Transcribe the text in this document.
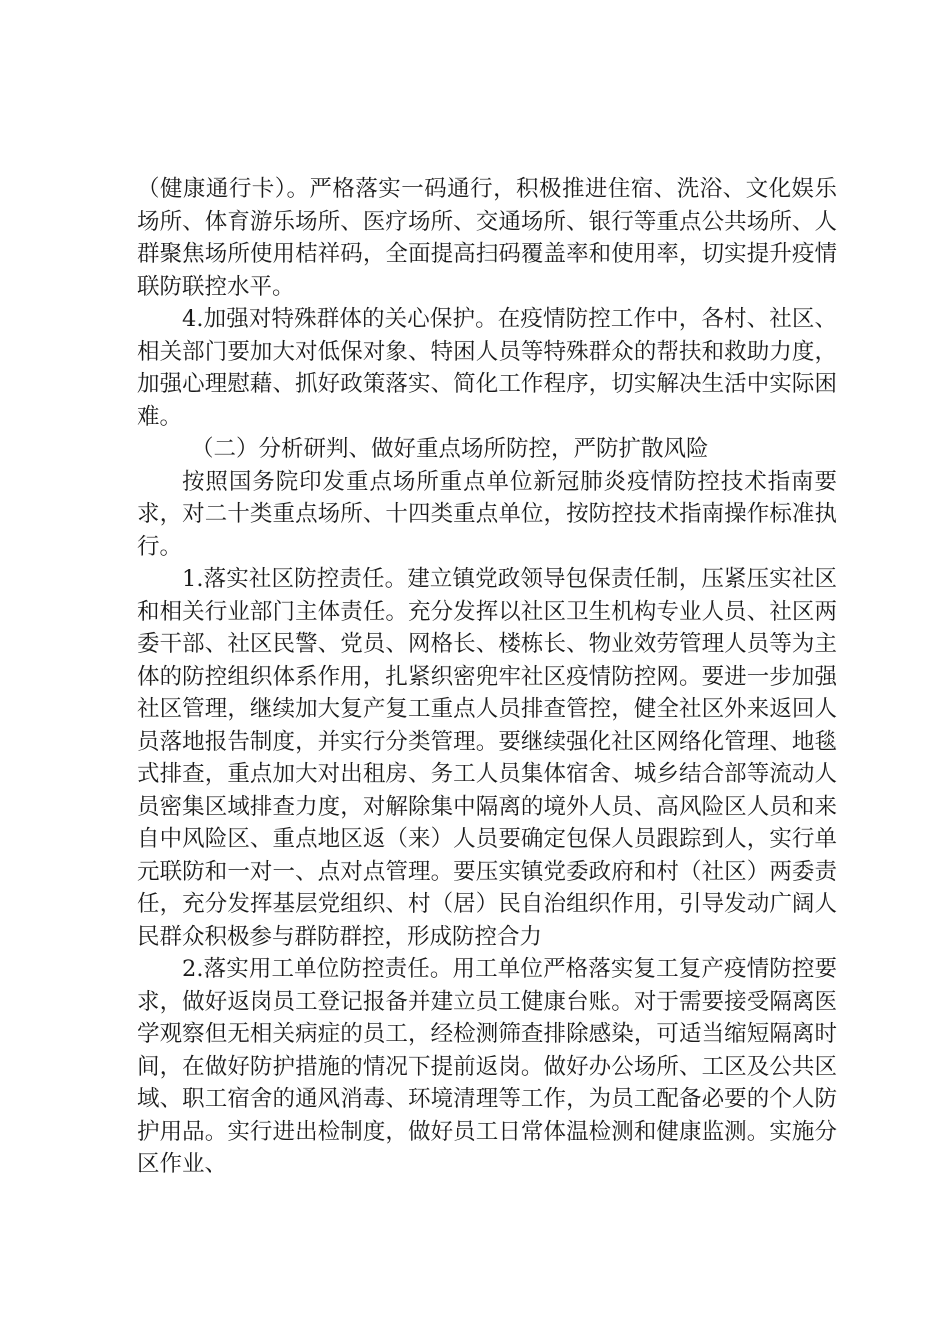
（健康通行卡）。严格落实一码通行，积极推进住宿、洗浴、文化娱乐场所、体育游乐场所、医疗场所、交通场所、银行等重点公共场所、人群聚焦场所使用桔祥码，全面提高扫码覆盖率和使用率，切实提升疫情联防联控水平。

4.加强对特殊群体的关心保护。在疫情防控工作中，各村、社区、相关部门要加大对低保对象、特困人员等特殊群众的帮扶和救助力度，加强心理慰藉、抓好政策落实、简化工作程序，切实解决生活中实际困难。

（二）分析研判、做好重点场所防控，严防扩散风险

按照国务院印发重点场所重点单位新冠肺炎疫情防控技术指南要求，对二十类重点场所、十四类重点单位，按防控技术指南操作标准执行。

1.落实社区防控责任。建立镇党政领导包保责任制，压紧压实社区和相关行业部门主体责任。充分发挥以社区卫生机构专业人员、社区两委干部、社区民警、党员、网格长、楼栋长、物业效劳管理人员等为主体的防控组织体系作用，扎紧织密兜牢社区疫情防控网。要进一步加强社区管理，继续加大复产复工重点人员排查管控，健全社区外来返回人员落地报告制度，并实行分类管理。要继续强化社区网络化管理、地毯式排查，重点加大对出租房、务工人员集体宿舍、城乡结合部等流动人员密集区域排查力度，对解除集中隔离的境外人员、高风险区人员和来自中风险区、重点地区返（来）人员要确定包保人员跟踪到人，实行单元联防和一对一、点对点管理。要压实镇党委政府和村（社区）两委责任，充分发挥基层党组织、村（居）民自治组织作用，引导发动广阔人民群众积极参与群防群控，形成防控合力

2.落实用工单位防控责任。用工单位严格落实复工复产疫情防控要求，做好返岗员工登记报备并建立员工健康台账。对于需要接受隔离医学观察但无相关病症的员工，经检测筛查排除感染，可适当缩短隔离时间，在做好防护措施的情况下提前返岗。做好办公场所、工区及公共区域、职工宿舍的通风消毒、环境清理等工作，为员工配备必要的个人防护用品。实行进出检制度，做好员工日常体温检测和健康监测。实施分区作业、
